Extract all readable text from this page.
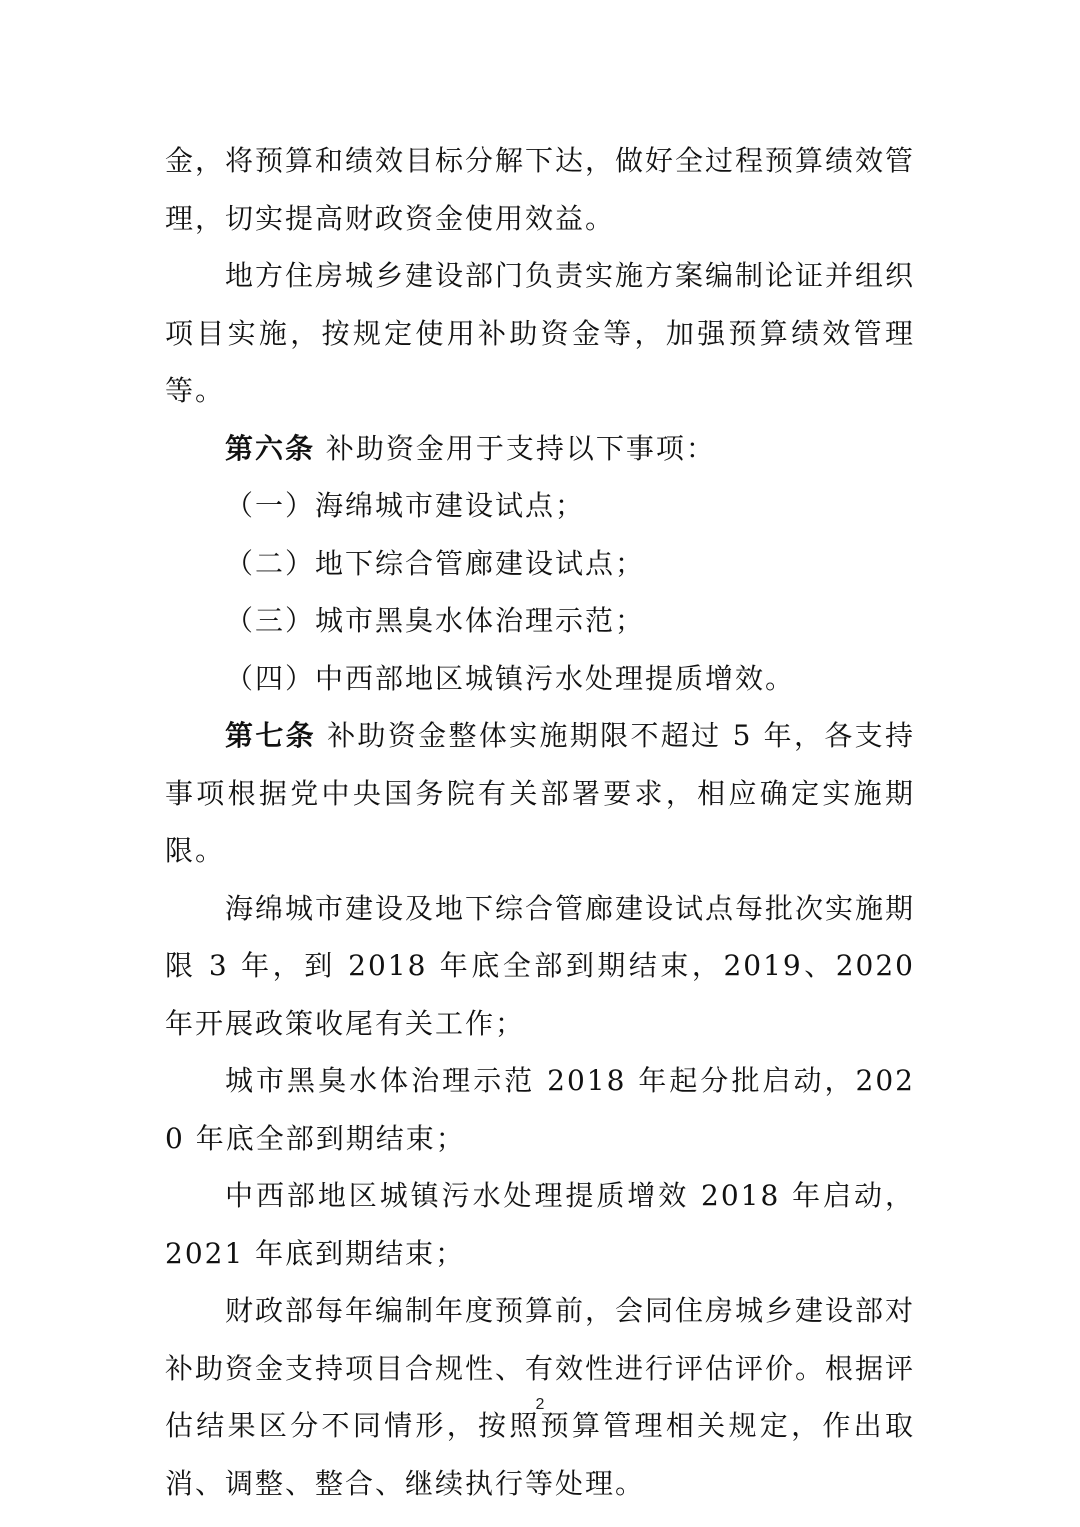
金，将预算和绩效目标分解下达，做好全过程预算绩效管理，切实提高财政资金使用效益。

地方住房城乡建设部门负责实施方案编制论证并组织项目实施，按规定使用补助资金等，加强预算绩效管理等。

第六条 补助资金用于支持以下事项：

（一）海绵城市建设试点；

（二）地下综合管廊建设试点；

（三）城市黑臭水体治理示范；

（四）中西部地区城镇污水处理提质增效。

第七条 补助资金整体实施期限不超过 5 年，各支持事项根据党中央国务院有关部署要求，相应确定实施期限。

海绵城市建设及地下综合管廊建设试点每批次实施期限 3 年，到 2018 年底全部到期结束，2019、2020 年开展政策收尾有关工作；

城市黑臭水体治理示范 2018 年起分批启动，2020 年底全部到期结束；

中西部地区城镇污水处理提质增效 2018 年启动，2021 年底到期结束；

财政部每年编制年度预算前，会同住房城乡建设部对补助资金支持项目合规性、有效性进行评估评价。根据评估结果区分不同情形，按照预算管理相关规定，作出取消、调整、整合、继续执行等处理。

2
